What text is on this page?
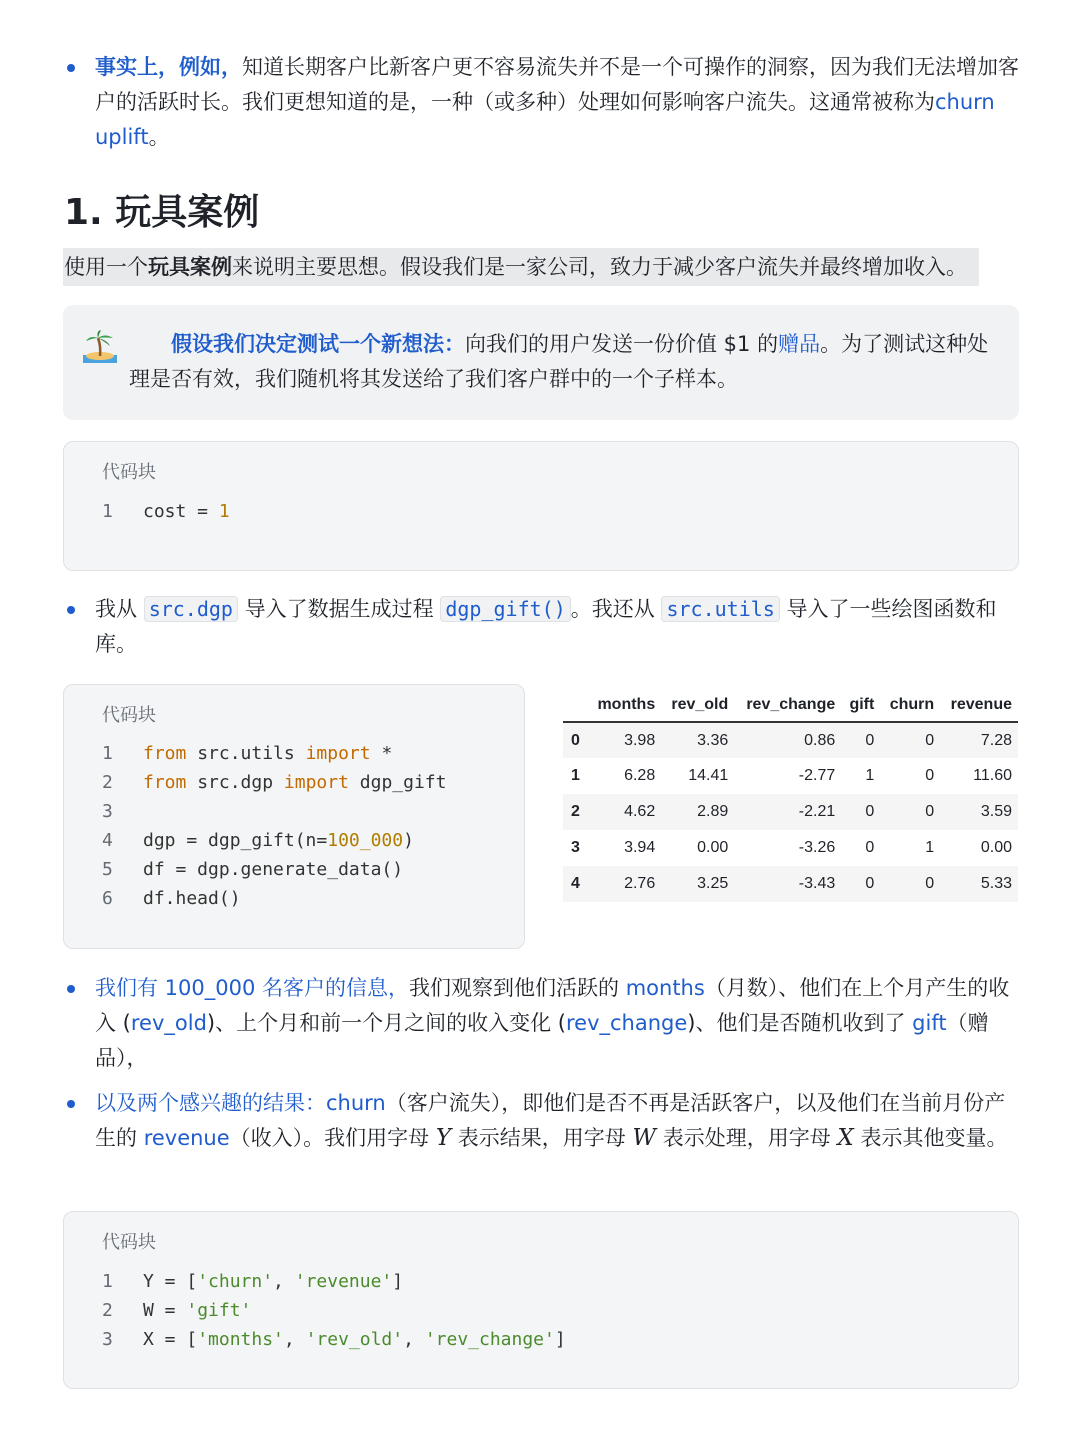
事实上，例如，知道长期客户比新客户更不容易流失并不是一个可操作的洞察，因为我们无法增加客户的活跃时长。我们更想知道的是，一种（或多种）处理如何影响客户流失。这通常被称为churn uplift。
1. 玩具案例
使用一个玩具案例来说明主要思想。假设我们是一家公司，致力于减少客户流失并最终增加收入。
假设我们决定测试一个新想法：向我们的用户发送一份价值 $1 的赠品。为了测试这种处理是否有效，我们随机将其发送给了我们客户群中的一个子样本。
代码块
1 cost = 1
我从 src.dgp 导入了数据生成过程 dgp_gift() 。我还从 src.utils 导入了一些绘图函数和库。
代码块
1 from src.utils import *
2 from src.dgp import dgp_gift
3
4 dgp = dgp_gift(n=100_000)
5 df = dgp.generate_data()
6 df.head()
	months	rev_old	rev_change	gift	churn	revenue
0	3.98	3.36	0.86	0	0	7.28
1	6.28	14.41	-2.77	1	0	11.60
2	4.62	2.89	-2.21	0	0	3.59
3	3.94	0.00	-3.26	0	1	0.00
4	2.76	3.25	-3.43	0	0	5.33
我们有 100_000 名客户的信息，我们观察到他们活跃的 months（月数）、他们在上个月产生的收入 (rev_old)、上个月和前一个月之间的收入变化 (rev_change)、他们是否随机收到了 gift（赠品），
以及两个感兴趣的结果：churn（客户流失），即他们是否不再是活跃客户，以及他们在当前月份产生的 revenue（收入）。我们用字母 Y 表示结果，用字母 W 表示处理，用字母 X 表示其他变量。
代码块
1 Y = ['churn', 'revenue']
2 W = 'gift'
3 X = ['months', 'rev_old', 'rev_change']
